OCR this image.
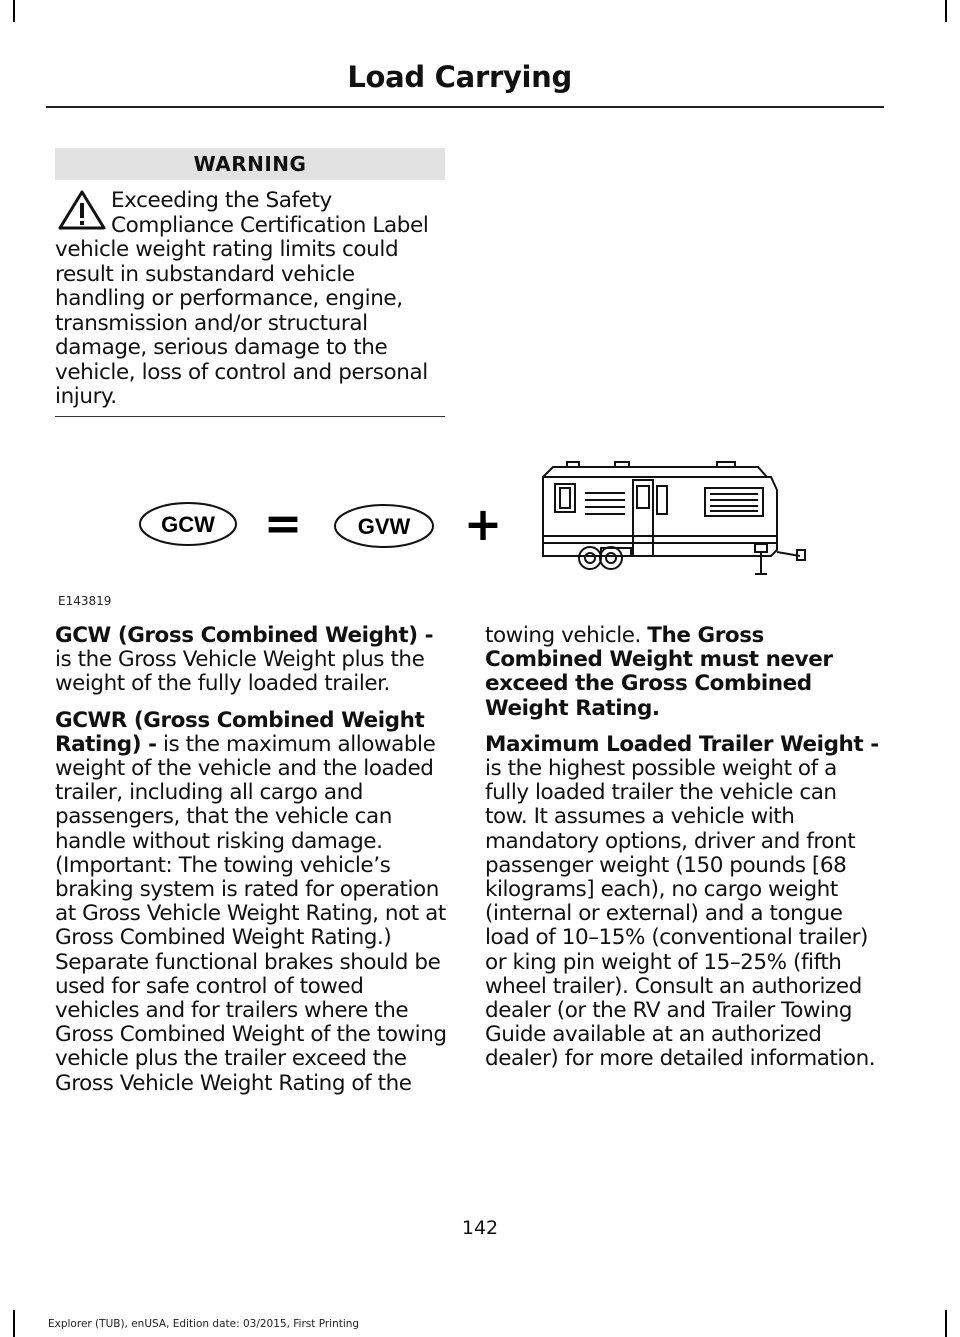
Load Carrying
WARNING
Exceeding the Safety Compliance Certification Label vehicle weight rating limits could result in substandard vehicle handling or performance, engine, transmission and/or structural damage, serious damage to the vehicle, loss of control and personal injury.
GCW =	GVW +
E143819

GCW (Gross Combined Weight) - is the Gross Vehicle Weight plus the weight of the fully loaded trailer.

GCWR (Gross Combined Weight Rating) - is the maximum allowable weight of the vehicle and the loaded trailer, including all cargo and passengers, that the vehicle can handle without risking damage. (Important: The towing vehicle’s braking system is rated for operation at Gross Vehicle Weight Rating, not at Gross Combined Weight Rating.) Separate functional brakes should be used for safe control of towed vehicles and for trailers where the Gross Combined Weight of the towing vehicle plus the trailer exceed the Gross Vehicle Weight Rating of the

towing vehicle. The Gross Combined Weight must never exceed the Gross Combined Weight Rating.

Maximum Loaded Trailer Weight - is the highest possible weight of a fully loaded trailer the vehicle can tow. It assumes a vehicle with mandatory options, driver and front passenger weight (150 pounds [68 kilograms] each), no cargo weight (internal or external) and a tongue load of 10–15% (conventional trailer) or king pin weight of 15–25% (fifth wheel trailer). Consult an authorized dealer (or the RV and Trailer Towing Guide available at an authorized dealer) for more detailed information.

142
Explorer (TUB), enUSA, Edition date: 03/2015, First Printing
